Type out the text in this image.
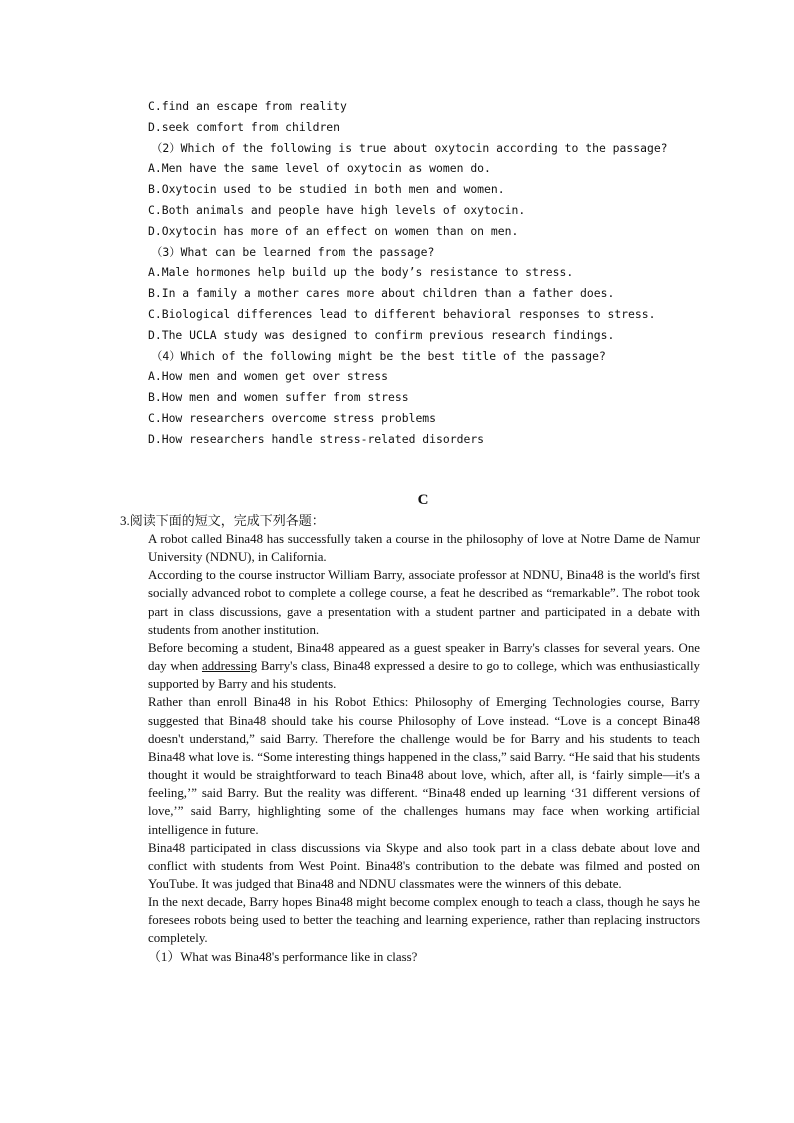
C.find an escape from reality
D.seek comfort from children
（2）Which of the following is true about oxytocin according to the passage?
A.Men have the same level of oxytocin as women do.
B.Oxytocin used to be studied in both men and women.
C.Both animals and people have high levels of oxytocin.
D.Oxytocin has more of an effect on women than on men.
（3）What can be learned from the passage?
A.Male hormones help build up the body’s resistance to stress.
B.In a family a mother cares more about children than a father does.
C.Biological differences lead to different behavioral responses to stress.
D.The UCLA study was designed to confirm previous research findings.
（4）Which of the following might be the best title of the passage?
A.How men and women get over stress
B.How men and women suffer from stress
C.How researchers overcome stress problems
D.How researchers handle stress-related disorders
C
3.阅读下面的短文，完成下列各题：

A robot called Bina48 has successfully taken a course in the philosophy of love at Notre Dame de Namur University (NDNU), in California.

According to the course instructor William Barry, associate professor at NDNU, Bina48 is the world's first socially advanced robot to complete a college course, a feat he described as “remarkable”. The robot took part in class discussions, gave a presentation with a student partner and participated in a debate with students from another institution.

Before becoming a student, Bina48 appeared as a guest speaker in Barry's classes for several years. One day when addressing Barry's class, Bina48 expressed a desire to go to college, which was enthusiastically supported by Barry and his students.

Rather than enroll Bina48 in his Robot Ethics: Philosophy of Emerging Technologies course, Barry suggested that Bina48 should take his course Philosophy of Love instead. “Love is a concept Bina48 doesn't understand,” said Barry. Therefore the challenge would be for Barry and his students to teach Bina48 what love is. “Some interesting things happened in the class,” said Barry. “He said that his students thought it would be straightforward to teach Bina48 about love, which, after all, is ‘fairly simple—it's a feeling,’” said Barry. But the reality was different. “Bina48 ended up learning ‘31 different versions of love,’” said Barry, highlighting some of the challenges humans may face when working artificial intelligence in future.

Bina48 participated in class discussions via Skype and also took part in a class debate about love and conflict with students from West Point. Bina48's contribution to the debate was filmed and posted on YouTube. It was judged that Bina48 and NDNU classmates were the winners of this debate.

In the next decade, Barry hopes Bina48 might become complex enough to teach a class, though he says he foresees robots being used to better the teaching and learning experience, rather than replacing instructors completely.

（1）What was Bina48's performance like in class?
